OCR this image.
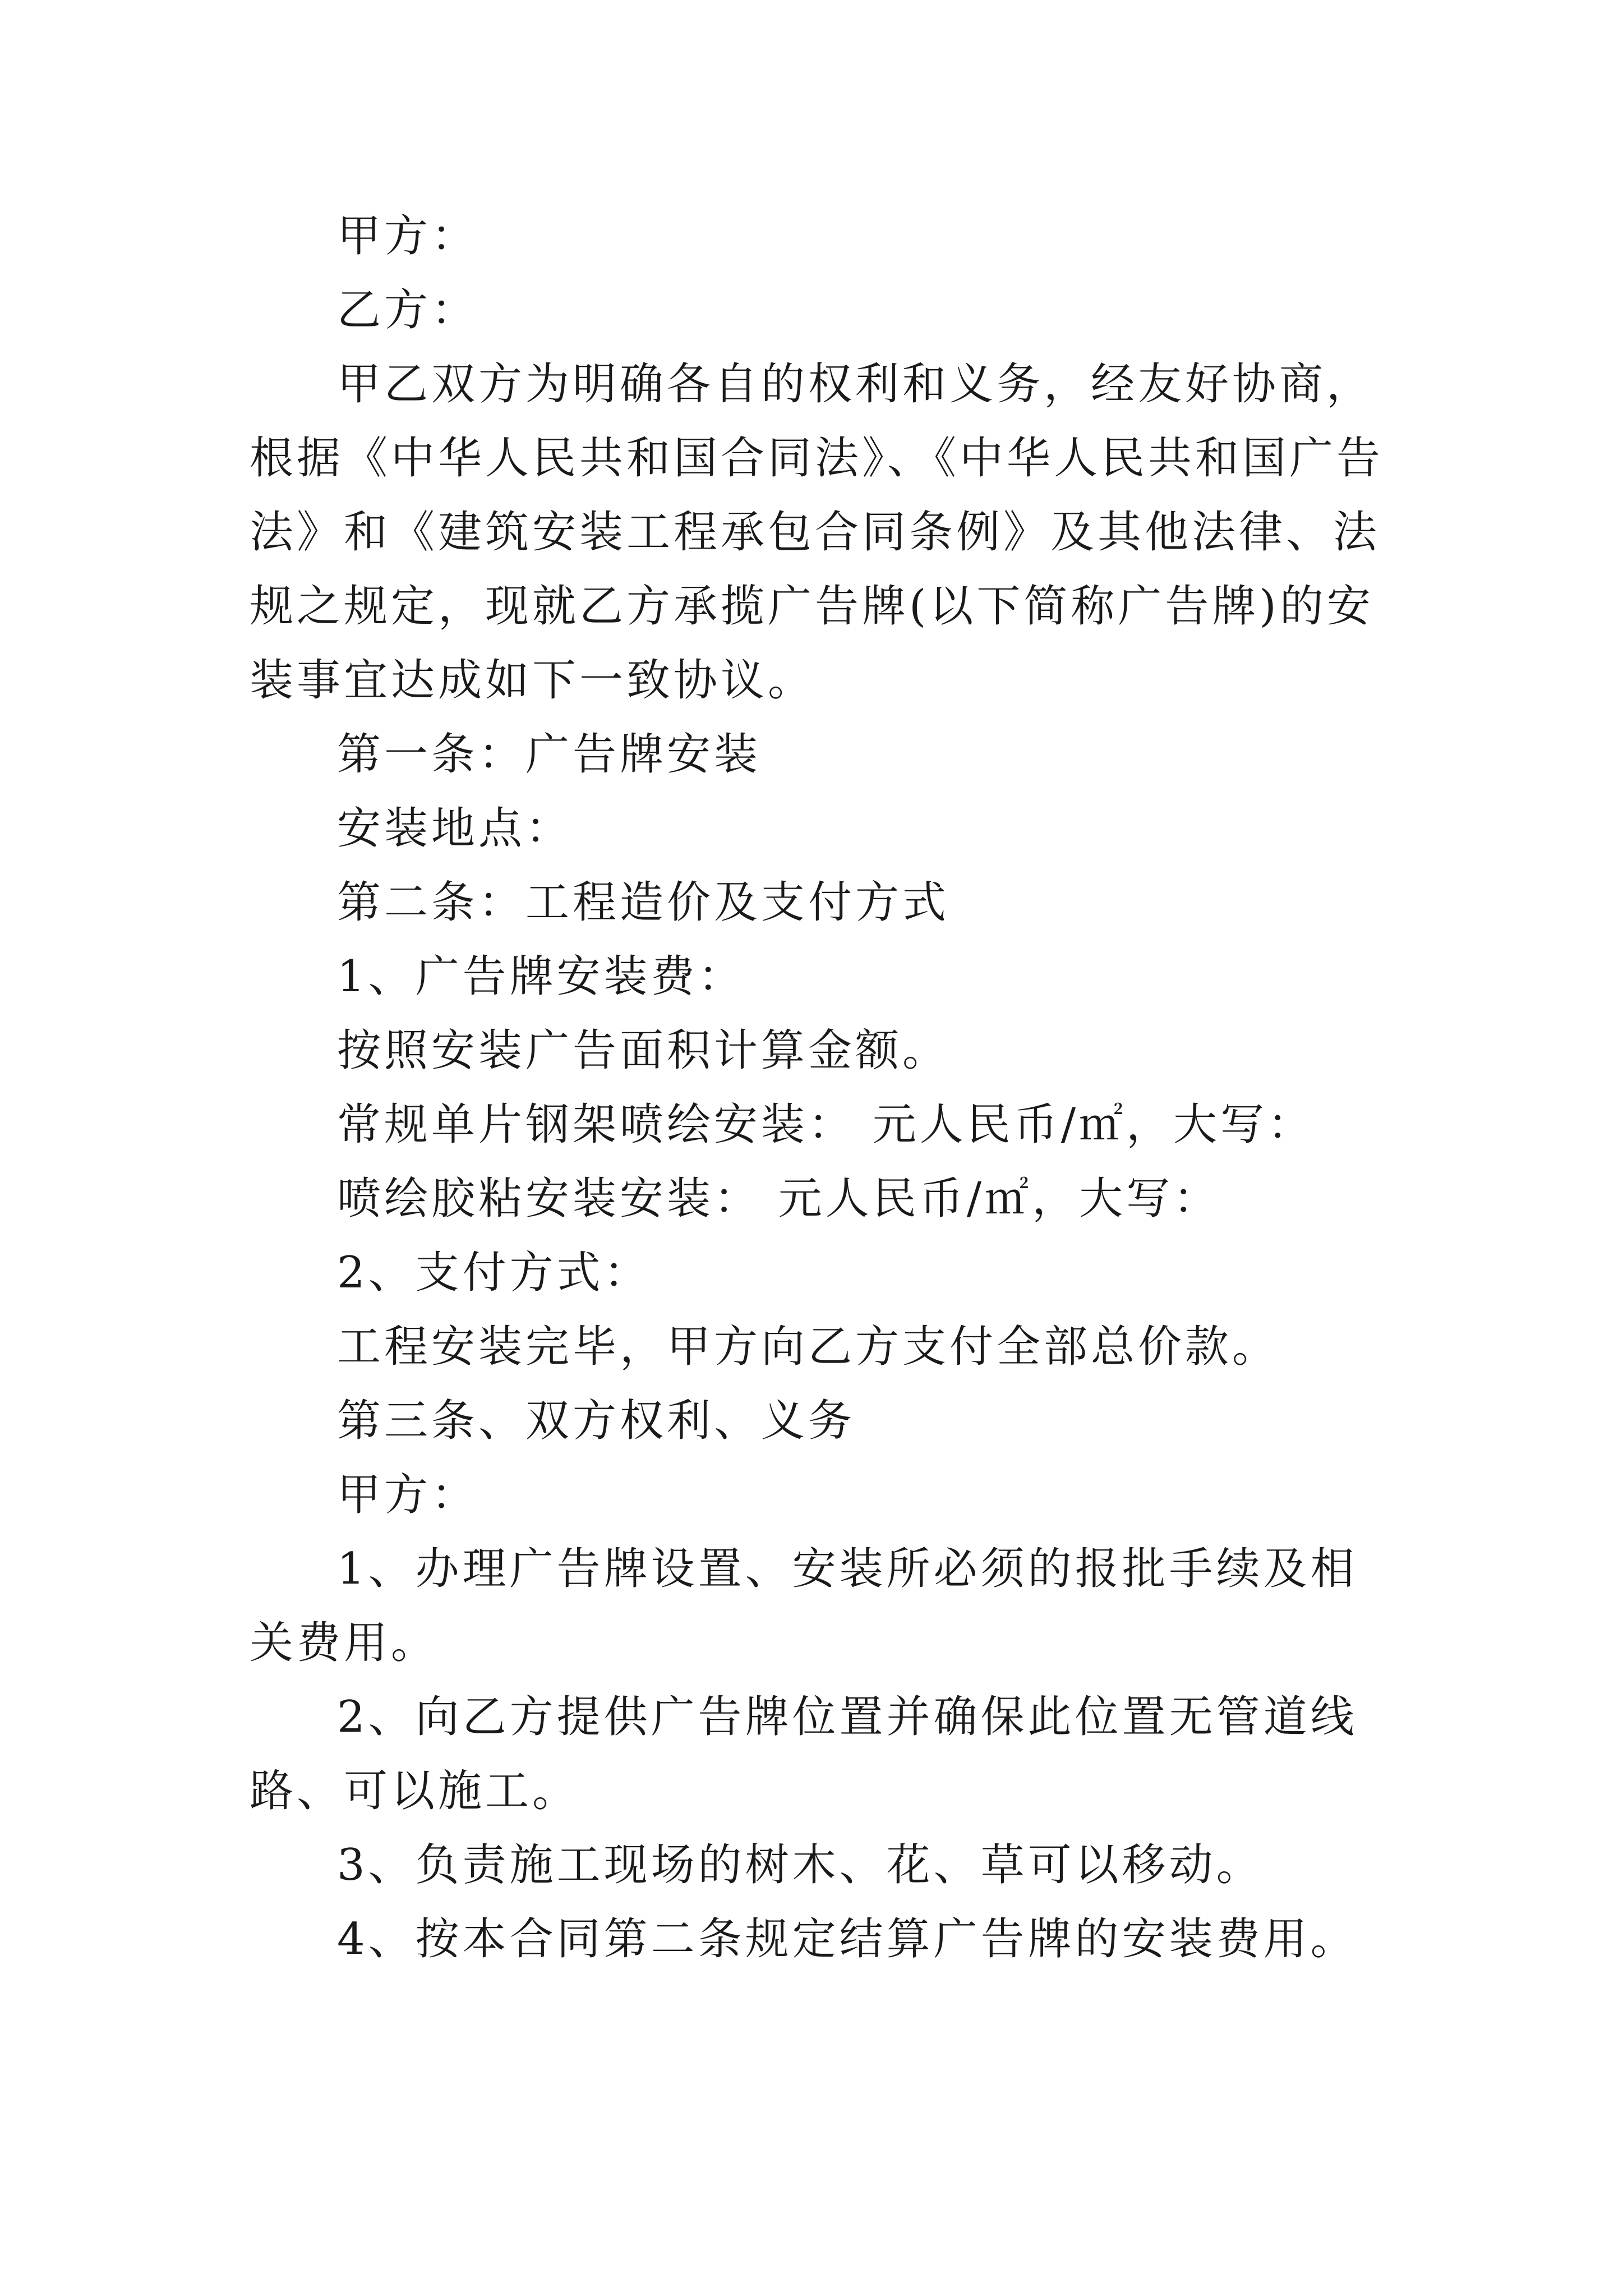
甲方：

乙方：

甲乙双方为明确各自的权利和义务，经友好协商，根据《中华人民共和国合同法》、《中华人民共和国广告法》和《建筑安装工程承包合同条例》及其他法律、法规之规定，现就乙方承揽广告牌(以下简称广告牌)的安装事宜达成如下一致协议。

第一条：广告牌安装

安装地点：

第二条：工程造价及支付方式

1、广告牌安装费：

按照安装广告面积计算金额。

常规单片钢架喷绘安装： 元人民币/㎡，大写：

喷绘胶粘安装安装： 元人民币/㎡，大写：

2、支付方式：

工程安装完毕，甲方向乙方支付全部总价款。

第三条、双方权利、义务

甲方：

1、办理广告牌设置、安装所必须的报批手续及相关费用。

2、向乙方提供广告牌位置并确保此位置无管道线路、可以施工。

3、负责施工现场的树木、花、草可以移动。

4、按本合同第二条规定结算广告牌的安装费用。
